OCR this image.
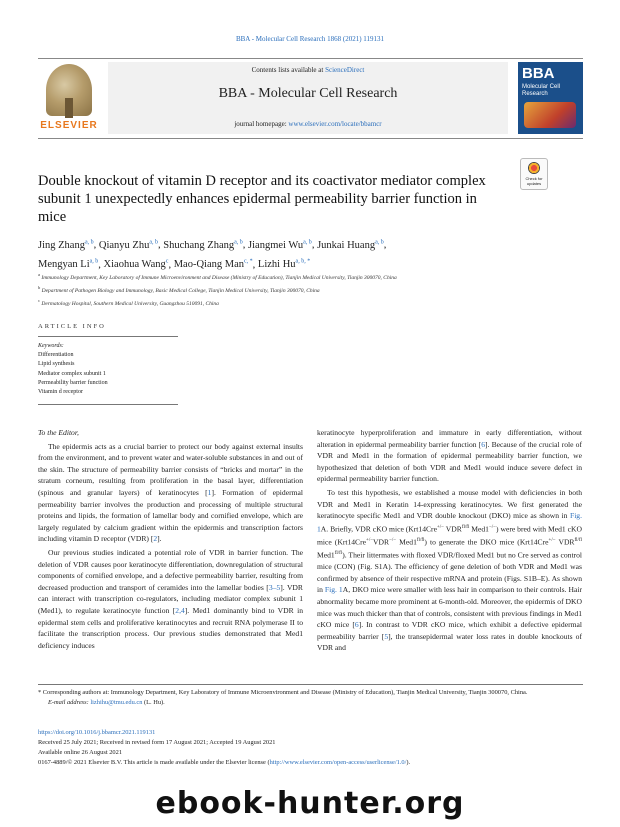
BBA - Molecular Cell Research 1868 (2021) 119131
ELSEVIER
Contents lists available at ScienceDirect
BBA - Molecular Cell Research
journal homepage: www.elsevier.com/locate/bbamcr
BBA
Molecular Cell Research
Double knockout of vitamin D receptor and its coactivator mediator complex subunit 1 unexpectedly enhances epidermal permeability barrier function in mice
Check for updates
Jing Zhang$^{a, b}$, Qianyu Zhu$^{a, b}$, Shuchang Zhang$^{a, b}$, Jiangmei Wu$^{a, b}$, Junkai Huang$^{a, b}$,
Mengyan Li$^{a, b}$, Xiaohua Wang$^c$, Mao-Qiang Man$^{c, *}$, Lizhi $Hu^{a, b, *}$
$^a$ Immunology Department, Key Laboratory of Immune Microenvironment and Disease (Ministry of Education), Tianjin Medical University, Tianjin 300070, China
$^b$ Department of Pathogen Biology and Immunology, Basic Medical College, Tianjin Medical University, Tianjin 300070, China
$^c$ Dermatology Hospital, Southern Medical University, Guangzhou 510091, China
ARTICLE INFO
Keywords:
Differentiation
Lipid synthesis
Mediator complex subunit 1
Permeability barrier function
Vitamin d receptor

To the Editor,

The epidermis acts as a crucial barrier to protect our body against external insults from the environment, and to prevent water and water-soluble substances in and out of the skin. The structure of permeability barrier consists of “bricks and mortar” in the stratum corneum, resulting from proliferation in the basal layer, differentiation (spinous and granular layers) of keratinocytes [1]. Formation of epidermal permeability barrier involves the production and processing of multiple structural proteins and lipids, the formation of lamellar body and cornified envelope, which are largely regulated by calcium gradient within the epidermis and transcription factors including vitamin D receptor (VDR) [2].

Our previous studies indicated a potential role of VDR in barrier function. The deletion of VDR causes poor keratinocyte differentiation, downregulation of structural components of cornified envelope, and a defective permeability barrier, resulting from decreased production and transport of ceramides into the lamellar bodies [3–5]. VDR can interact with transcription co-regulators, including mediator complex subunit 1 (Med1), to regulate keratinocyte function [2,4]. Med1 dominantly bind to VDR in epidermal stem cells and proliferative keratinocytes and recruit RNA polymerase II to facilitate the transcription process. Our previous studies demonstrated that Med1 deficiency induces

keratinocyte hyperproliferation and immature in early differentiation, without alteration in epidermal permeability barrier function [6]. Because of the crucial role of VDR and Med1 in the formation of epidermal permeability barrier function, we hypothesized that deletion of both VDR and Med1 would induce severe defect in epidermal permeability barrier function.

To test this hypothesis, we established a mouse model with deficiencies in both VDR and Med1 in Keratin 14-expressing keratinocytes. We first generated the keratinocyte specific Med1 and VDR double knockout (DKO) mice as shown in Fig. 1A. Briefly, VDR cKO mice (Krt14Cre+/− $VDR^{fl/fl}$ Med1−/−) were bred with Med1 cKO mice (Krt14Cre+/−VDR−/− $Med1^{fl/fl}$) to generate the DKO mice (Krt14Cre+/− $VDR^{fl/fl}$ $Med1^{fl/fl}$). Their littermates with floxed VDR/floxed Med1 but no Cre served as control mice (CON) (Fig. S1A). The efficiency of gene deletion of both VDR and Med1 was confirmed by absence of their respective mRNA and protein (Figs. S1B–E). As shown in Fig. 1A, DKO mice were smaller with less hair in comparison to their controls. Hair abnormality became more prominent at 6-month-old. Moreover, the epidermis of DKO mice was much thicker than that of controls, consistent with previous findings in Med1 cKO mice [6]. In contrast to VDR cKO mice, which exhibit a defective epidermal permeability barrier [5], the transepidermal water loss rates in double knockouts of VDR and

* Corresponding authors at: Immunology Department, Key Laboratory of Immune Microenvironment and Disease (Ministry of Education), Tianjin Medical University, Tianjin 300070, China.
E-mail address: lizhihu@tmu.edu.cn (L. Hu).
https://doi.org/10.1016/j.bbamcr.2021.119131
Received 25 July 2021; Received in revised form 17 August 2021; Accepted 19 August 2021
Available online 26 August 2021
0167-4889/© 2021 Elsevier B.V. This article is made available under the Elsevier license (http://www.elsevier.com/open-access/userlicense/1.0/).
ebook-hunter.org
